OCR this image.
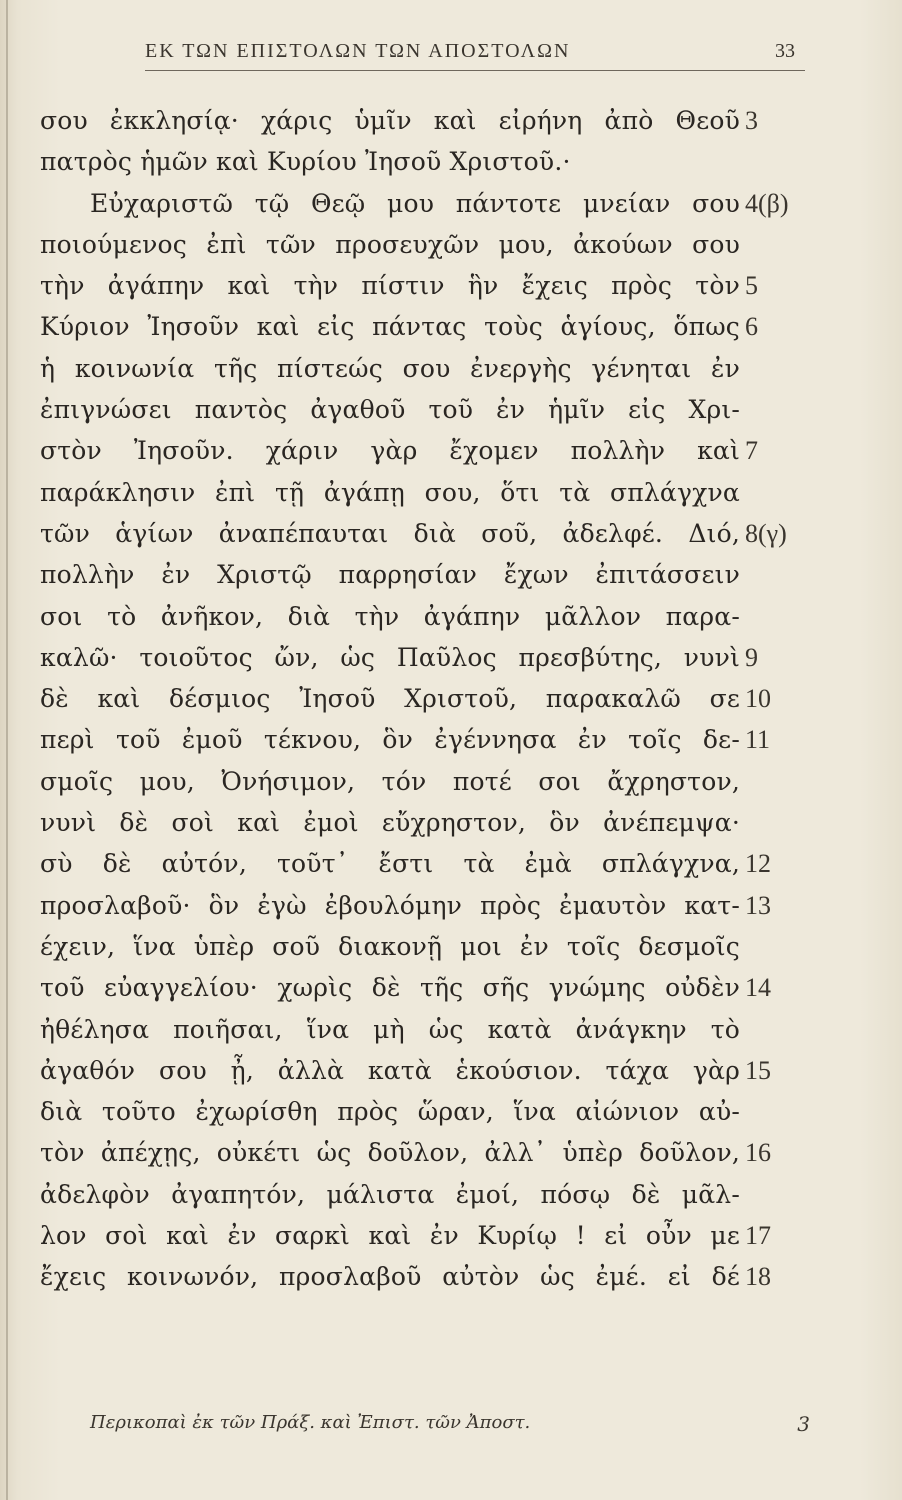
ΕΚ ΤΩΝ ΕΠΙΣΤΟΛΩΝ ΤΩΝ ΑΠΟΣΤΟΛΩΝ	33
σου ἐκκλησίᾳ· χάρις ὑμῖν καὶ εἰρήνη ἀπὸ Θεοῦ
πατρὸς ἡμῶν καὶ Κυρίου Ἰησοῦ Χριστοῦ.·
Εὐχαριστῶ τῷ Θεῷ μου πάντοτε μνείαν σου
ποιούμενος ἐπὶ τῶν προσευχῶν μου, ἀκούων σου
τὴν ἀγάπην καὶ τὴν πίστιν ἣν ἔχεις πρὸς τὸν
Κύριον Ἰησοῦν καὶ εἰς πάντας τοὺς ἁγίους, ὅπως
ἡ κοινωνία τῆς πίστεώς σου ἐνεργὴς γένηται ἐν
ἐπιγνώσει παντὸς ἀγαθοῦ τοῦ ἐν ἡμῖν εἰς Χρι-
στὸν Ἰησοῦν. χάριν γὰρ ἔχομεν πολλὴν καὶ
παράκλησιν ἐπὶ τῇ ἀγάπῃ σου, ὅτι τὰ σπλάγχνα
τῶν ἁγίων ἀναπέπαυται διὰ σοῦ, ἀδελφέ. Διό,
πολλὴν ἐν Χριστῷ παρρησίαν ἔχων ἐπιτάσσειν
σοι τὸ ἀνῆκον, διὰ τὴν ἀγάπην μᾶλλον παρα-
καλῶ· τοιοῦτος ὤν, ὡς Παῦλος πρεσβύτης, νυνὶ
δὲ καὶ δέσμιος Ἰησοῦ Χριστοῦ, παρακαλῶ σε
περὶ τοῦ ἐμοῦ τέκνου, ὃν ἐγέννησα ἐν τοῖς δε-
σμοῖς μου, Ὀνήσιμον, τόν ποτέ σοι ἄχρηστον,
νυνὶ δὲ σοὶ καὶ ἐμοὶ εὔχρηστον, ὃν ἀνέπεμψα·
σὺ δὲ αὐτόν, τοῦτ᾿ ἔστι τὰ ἐμὰ σπλάγχνα,
προσλαβοῦ· ὃν ἐγὼ ἐβουλόμην πρὸς ἐμαυτὸν κατ-
έχειν, ἵνα ὑπὲρ σοῦ διακονῇ μοι ἐν τοῖς δεσμοῖς
τοῦ εὐαγγελίου· χωρὶς δὲ τῆς σῆς γνώμης οὐδὲν
ἠθέλησα ποιῆσαι, ἵνα μὴ ὡς κατὰ ἀνάγκην τὸ
ἀγαθόν σου ᾖ, ἀλλὰ κατὰ ἑκούσιον. τάχα γὰρ
διὰ τοῦτο ἐχωρίσθη πρὸς ὥραν, ἵνα αἰώνιον αὐ-
τὸν ἀπέχῃς, οὐκέτι ὡς δοῦλον, ἀλλ᾿ ὑπὲρ δοῦλον,
ἀδελφὸν ἀγαπητόν, μάλιστα ἐμοί, πόσῳ δὲ μᾶλ-
λον σοὶ καὶ ἐν σαρκὶ καὶ ἐν Κυρίῳ ! εἰ οὖν με
ἔχεις κοινωνόν, προσλαβοῦ αὐτὸν ὡς ἐμέ. εἰ δέ
3
4(β)
5
6
7
8(γ)
9
10
11
12
13
14
15
16
17
18
Περικοπαὶ ἐκ τῶν Πράξ. καὶ Ἐπιστ. τῶν Ἀποστ.	3
